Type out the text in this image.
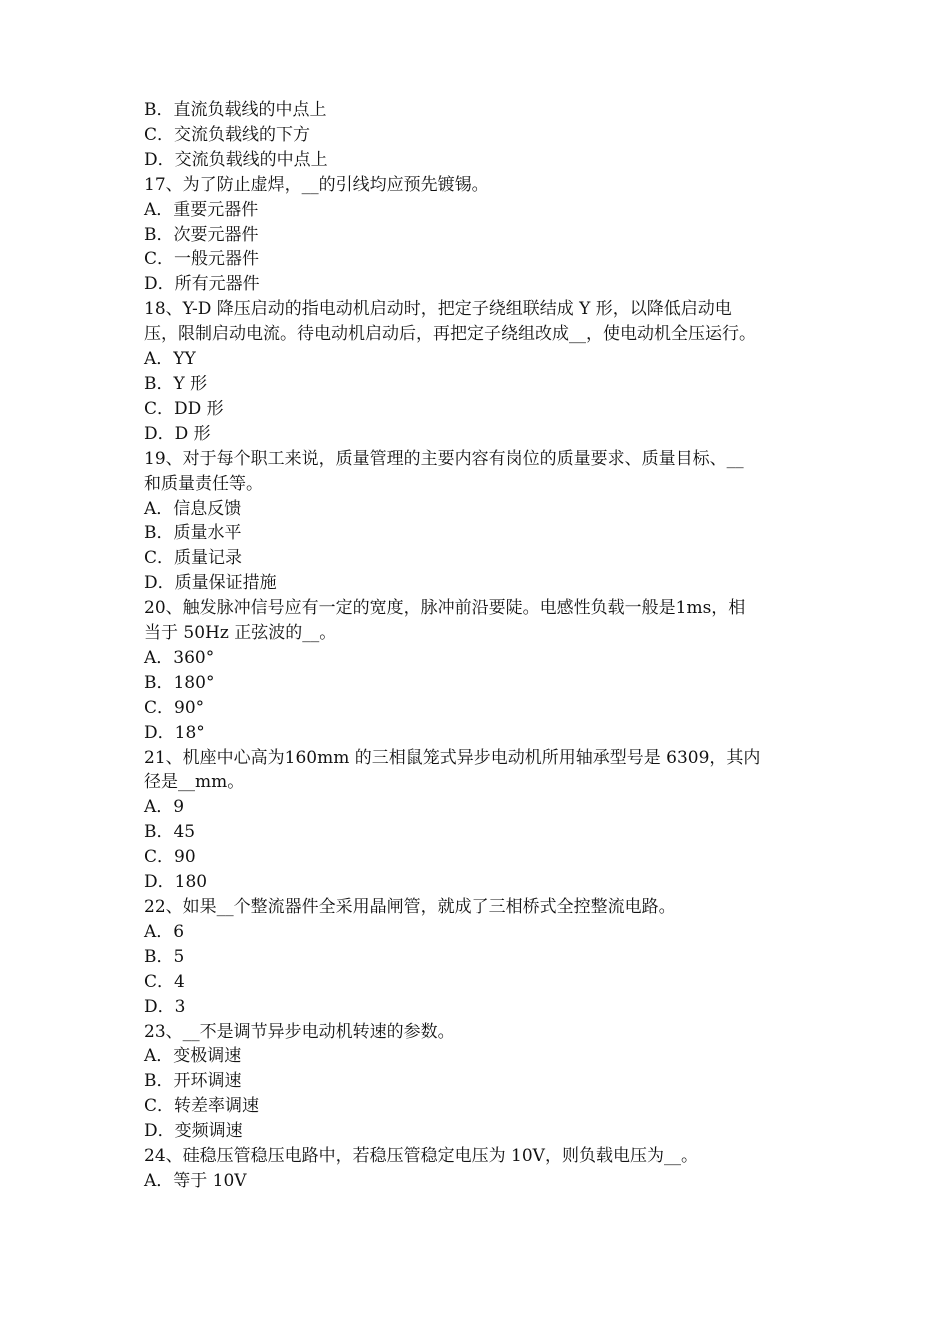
B．直流负载线的中点上
C．交流负载线的下方
D．交流负载线的中点上
17、为了防止虚焊，__的引线均应预先镀锡。
A．重要元器件
B．次要元器件
C．一般元器件
D．所有元器件
18、Y-D 降压启动的指电动机启动时，把定子绕组联结成 Y 形，以降低启动电
压，限制启动电流。待电动机启动后，再把定子绕组改成__，使电动机全压运行。
A．YY
B．Y 形
C．DD 形
D．D 形
19、对于每个职工来说，质量管理的主要内容有岗位的质量要求、质量目标、__
和质量责任等。
A．信息反馈
B．质量水平
C．质量记录
D．质量保证措施
20、触发脉冲信号应有一定的宽度，脉冲前沿要陡。电感性负载一般是1ms，相
当于 50Hz 正弦波的__。
A．360°
B．180°
C．90°
D．18°
21、机座中心高为160mm 的三相鼠笼式异步电动机所用轴承型号是 6309，其内
径是__mm。
A．9
B．45
C．90
D．180
22、如果__个整流器件全采用晶闸管，就成了三相桥式全控整流电路。
A．6
B．5
C．4
D．3
23、__不是调节异步电动机转速的参数。
A．变极调速
B．开环调速
C．转差率调速
D．变频调速
24、硅稳压管稳压电路中，若稳压管稳定电压为 10V，则负载电压为__。
A．等于 10V
